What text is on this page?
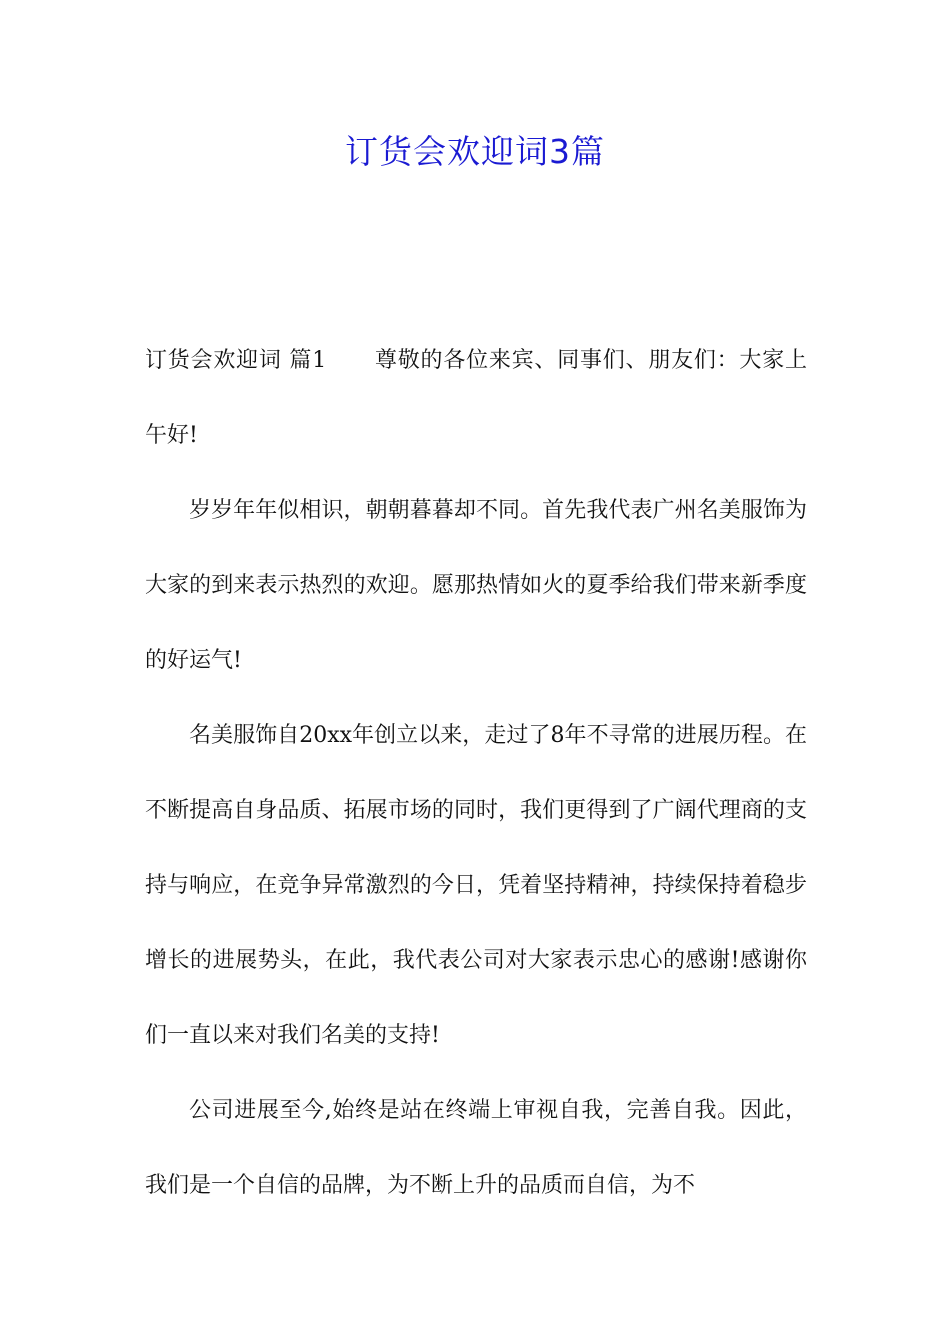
订货会欢迎词3篇

订货会欢迎词 篇1 尊敬的各位来宾、同事们、朋友们：大家上午好!

岁岁年年似相识，朝朝暮暮却不同。首先我代表广州名美服饰为大家的到来表示热烈的欢迎。愿那热情如火的夏季给我们带来新季度的好运气!

名美服饰自20xx年创立以来，走过了8年不寻常的进展历程。在不断提高自身品质、拓展市场的同时，我们更得到了广阔代理商的支持与响应，在竞争异常激烈的今日，凭着坚持精神，持续保持着稳步增长的进展势头，在此，我代表公司对大家表示忠心的感谢!感谢你们一直以来对我们名美的支持!

公司进展至今,始终是站在终端上审视自我，完善自我。因此，我们是一个自信的品牌，为不断上升的品质而自信，为不
